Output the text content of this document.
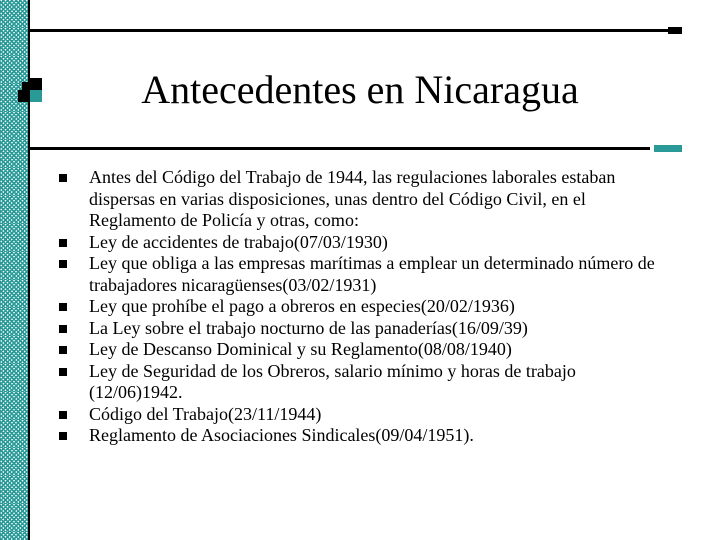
Antecedentes en Nicaragua
Antes del Código del Trabajo de 1944, las regulaciones laborales estaban dispersas en varias disposiciones, unas dentro del Código Civil, en el Reglamento de Policía y otras, como:
Ley de accidentes de trabajo(07/03/1930)
Ley que obliga a las empresas marítimas a emplear un determinado número de trabajadores nicaragüenses(03/02/1931)
Ley que prohíbe el pago a obreros en especies(20/02/1936)
La Ley sobre el trabajo nocturno de las panaderías(16/09/39)
Ley de Descanso Dominical y su Reglamento(08/08/1940)
Ley de Seguridad de los Obreros, salario mínimo y horas de trabajo (12/06)1942.
Código del Trabajo(23/11/1944)
Reglamento de Asociaciones Sindicales(09/04/1951).
